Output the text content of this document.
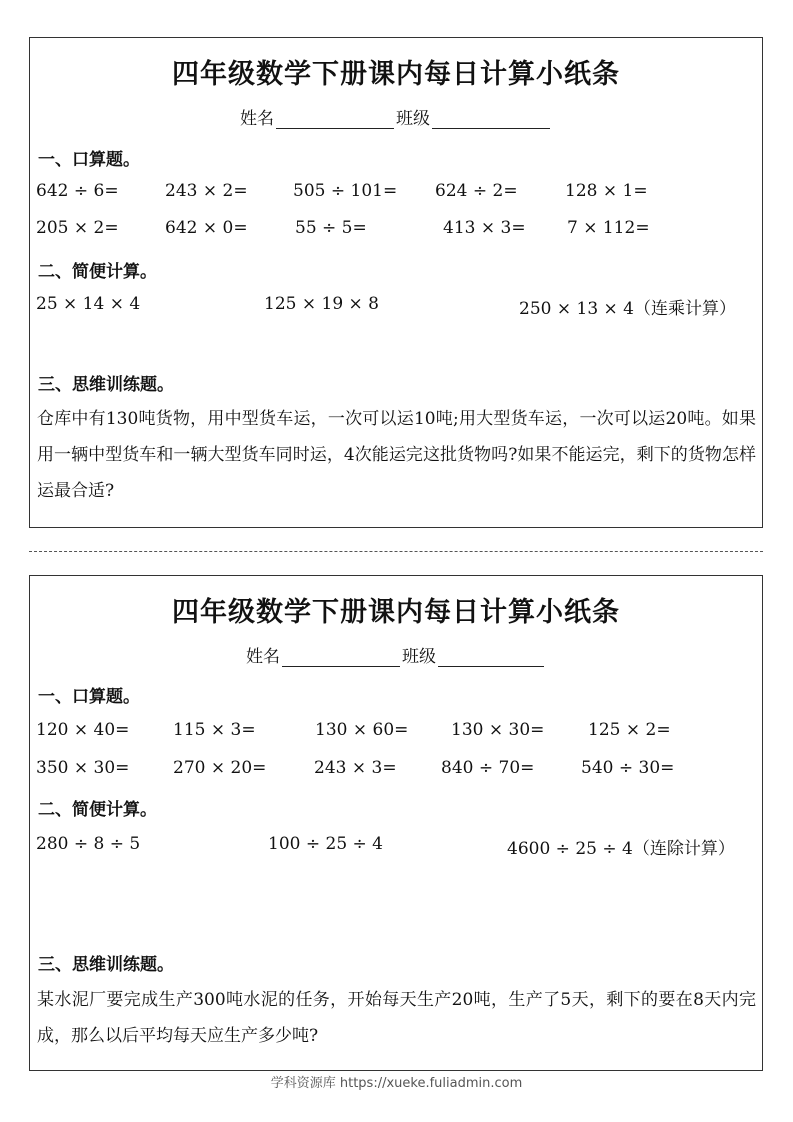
四年级数学下册课内每日计算小纸条
姓名	班级
一、口算题。
642 ÷ 6=	243 × 2=	505 ÷ 101= 624 ÷ 2=	128 × 1=
205 × 2=	642 × 0=	55 ÷ 5=	413 × 3= 7 × 112=
二、简便计算。
25 × 14 × 4	125 × 19 × 8	250 × 13 × 4（连乘计算）
三、思维训练题。
仓库中有130吨货物，用中型货车运，一次可以运10吨;用大型货车运，一次可以运20吨。如果用一辆中型货车和一辆大型货车同时运，4次能运完这批货物吗?如果不能运完，剩下的货物怎样运最合适?
四年级数学下册课内每日计算小纸条
姓名	班级
一、口算题。
120 × 40=	115 × 3=	130 × 60=	130 × 30=	125 × 2=
350 × 30=	270 × 20=	243 × 3=	840 ÷ 70=	540 ÷ 30=
二、简便计算。
280 ÷ 8 ÷ 5	100 ÷ 25 ÷ 4	4600 ÷ 25 ÷ 4（连除计算）
三、思维训练题。
某水泥厂要完成生产300吨水泥的任务，开始每天生产20吨，生产了5天，剩下的要在8天内完成，那么以后平均每天应生产多少吨?
学科资源库 https://xueke.fuliadmin.com
